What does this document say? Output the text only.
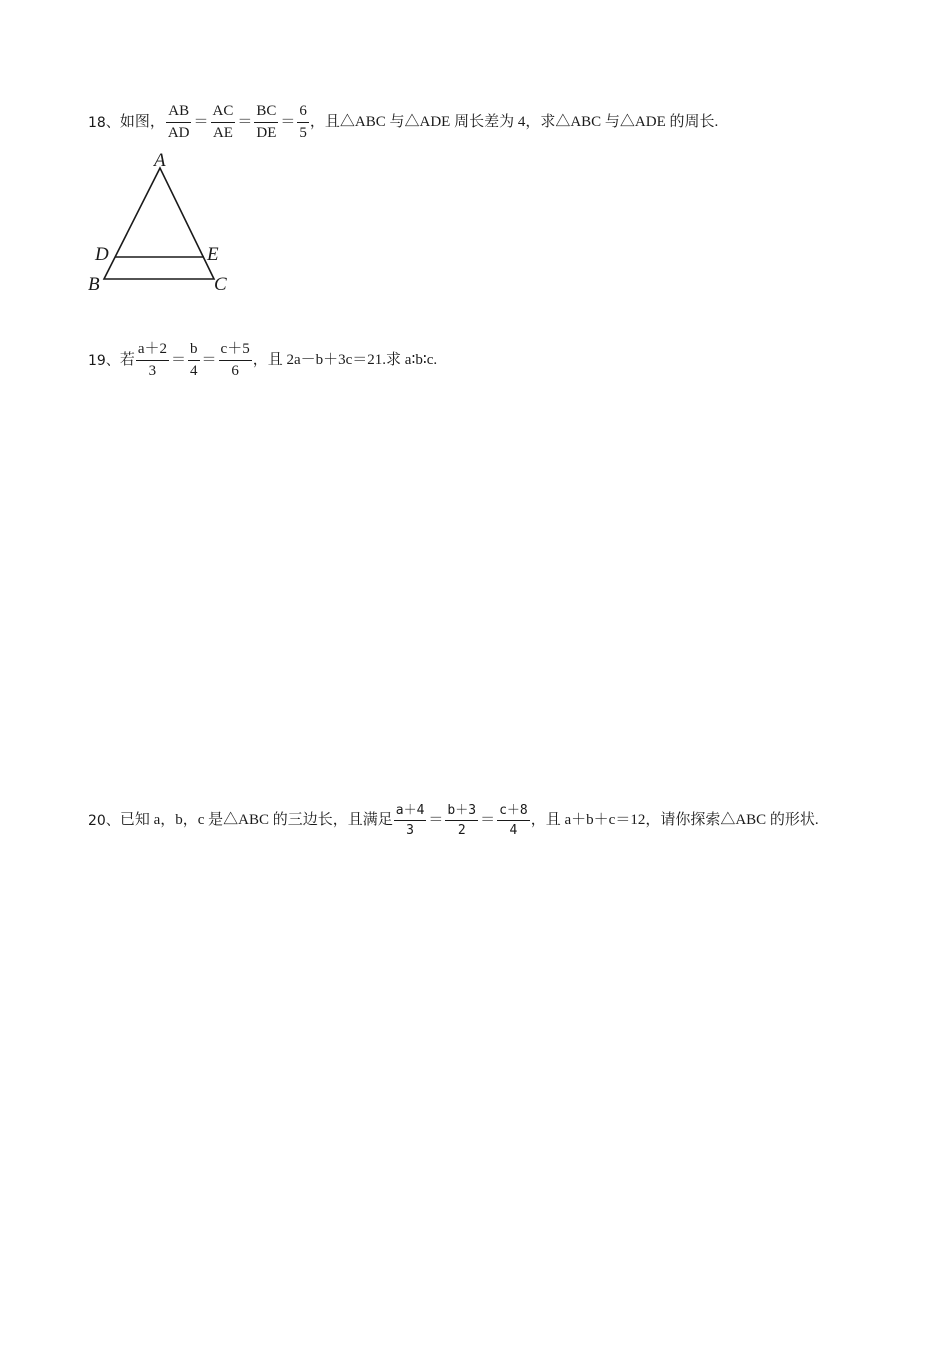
18、 如图， $\frac{AB}{AD} = \frac{AC}{AE} = \frac{BC}{DE} = \frac{6}{5}$ ，且△ABC 与△ADE 周长差为 4，求△ABC 与△ADE 的周长.
A
D	E
B	C
19、 若 $\frac{a+2}{3} = \frac{b}{4} = \frac{c+5}{6}$ ，且 2a－b＋3c＝21.求 a∶b∶c.
20、 已知 a，b，c 是△ABC 的三边长，且满足 $\frac{a+4}{3} = \frac{b+3}{2} = \frac{c+8}{4}$ ，且 a＋b＋c＝12，请你探索△ABC 的形状.
